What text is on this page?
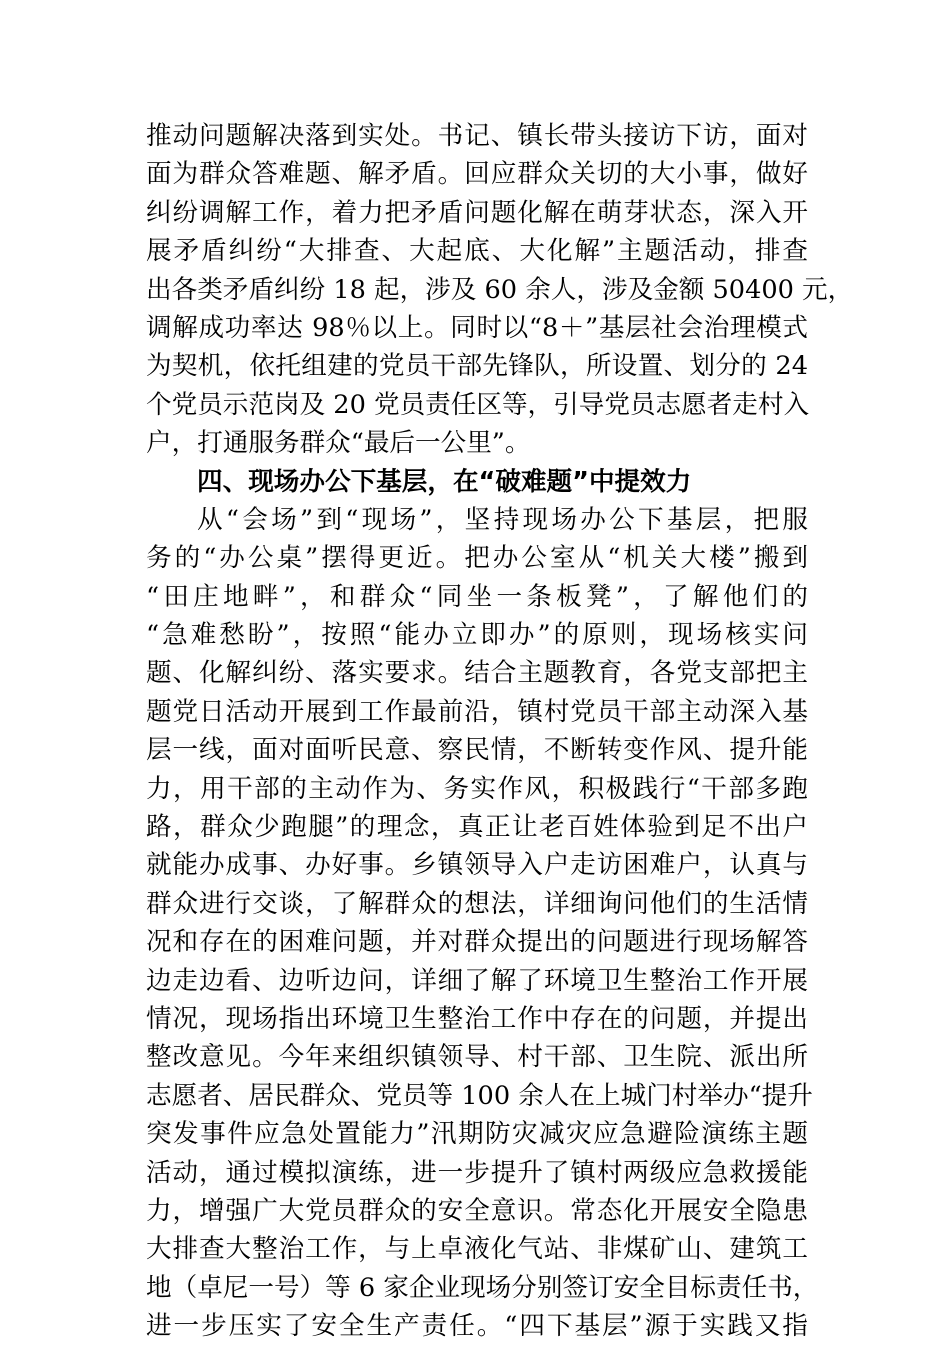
推动问题解决落到实处。书记、镇长带头接访下访，面对
面为群众答难题、解矛盾。回应群众关切的大小事，做好
纠纷调解工作，着力把矛盾问题化解在萌芽状态，深入开
展矛盾纠纷“大排查、大起底、大化解”主题活动，排查
出各类矛盾纠纷 18 起，涉及 60 余人，涉及金额 50400 元，
调解成功率达 98％以上。同时以“8＋”基层社会治理模式
为契机，依托组建的党员干部先锋队，所设置、划分的 24
个党员示范岗及 20 党员责任区等，引导党员志愿者走村入
户，打通服务群众“最后一公里”。
四、现场办公下基层，在“破难题”中提效力
从“会场”到“现场”，坚持现场办公下基层，把服
务的“办公桌”摆得更近。把办公室从“机关大楼”搬到
“田庄地畔”，和群众“同坐一条板凳”，了解他们的
“急难愁盼”，按照“能办立即办”的原则，现场核实问
题、化解纠纷、落实要求。结合主题教育，各党支部把主
题党日活动开展到工作最前沿，镇村党员干部主动深入基
层一线，面对面听民意、察民情，不断转变作风、提升能
力，用干部的主动作为、务实作风，积极践行“干部多跑
路，群众少跑腿”的理念，真正让老百姓体验到足不出户
就能办成事、办好事。乡镇领导入户走访困难户，认真与
群众进行交谈，了解群众的想法，详细询问他们的生活情
况和存在的困难问题，并对群众提出的问题进行现场解答
边走边看、边听边问，详细了解了环境卫生整治工作开展
情况，现场指出环境卫生整治工作中存在的问题，并提出
整改意见。今年来组织镇领导、村干部、卫生院、派出所
志愿者、居民群众、党员等 100 余人在上城门村举办“提升
突发事件应急处置能力”汛期防灾减灾应急避险演练主题
活动，通过模拟演练，进一步提升了镇村两级应急救援能
力，增强广大党员群众的安全意识。常态化开展安全隐患
大排查大整治工作，与上卓液化气站、非煤矿山、建筑工
地（卓尼一号）等 6 家企业现场分别签订安全目标责任书，
进一步压实了安全生产责任。“四下基层”源于实践又指
